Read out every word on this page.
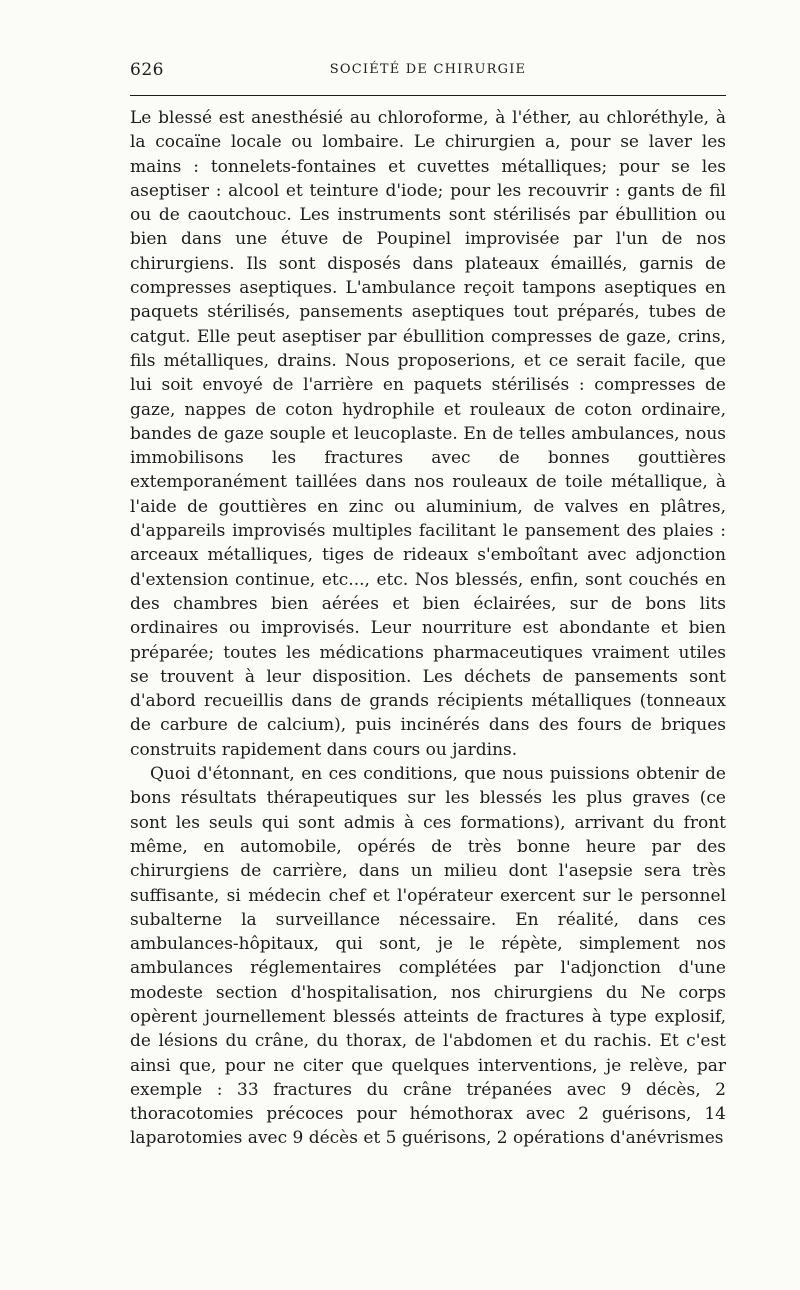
626	SOCIÉTÉ DE CHIRURGIE

Le blessé est anesthésié au chloroforme, à l'éther, au chloréthyle, à la cocaïne locale ou lombaire. Le chirurgien a, pour se laver les mains : tonnelets-fontaines et cuvettes métalliques; pour se les aseptiser : alcool et teinture d'iode; pour les recouvrir : gants de fil ou de caoutchouc. Les instruments sont stérilisés par ébullition ou bien dans une étuve de Poupinel improvisée par l'un de nos chirurgiens. Ils sont disposés dans plateaux émaillés, garnis de compresses aseptiques. L'ambulance reçoit tampons aseptiques en paquets stérilisés, pansements aseptiques tout préparés, tubes de catgut. Elle peut aseptiser par ébullition compresses de gaze, crins, fils métalliques, drains. Nous proposerions, et ce serait facile, que lui soit envoyé de l'arrière en paquets stérilisés : compresses de gaze, nappes de coton hydrophile et rouleaux de coton ordinaire, bandes de gaze souple et leucoplaste. En de telles ambulances, nous immobilisons les fractures avec de bonnes gouttières extemporanément taillées dans nos rouleaux de toile métallique, à l'aide de gouttières en zinc ou aluminium, de valves en plâtres, d'appareils improvisés multiples facilitant le pansement des plaies : arceaux métalliques, tiges de rideaux s'emboîtant avec adjonction d'extension continue, etc..., etc. Nos blessés, enfin, sont couchés en des chambres bien aérées et bien éclairées, sur de bons lits ordinaires ou improvisés. Leur nourriture est abondante et bien préparée; toutes les médications pharmaceutiques vraiment utiles se trouvent à leur disposition. Les déchets de pansements sont d'abord recueillis dans de grands récipients métalliques (tonneaux de carbure de calcium), puis incinérés dans des fours de briques construits rapidement dans cours ou jardins.

Quoi d'étonnant, en ces conditions, que nous puissions obtenir de bons résultats thérapeutiques sur les blessés les plus graves (ce sont les seuls qui sont admis à ces formations), arrivant du front même, en automobile, opérés de très bonne heure par des chirurgiens de carrière, dans un milieu dont l'asepsie sera très suffisante, si médecin chef et l'opérateur exercent sur le personnel subalterne la surveillance nécessaire. En réalité, dans ces ambulances-hôpitaux, qui sont, je le répète, simplement nos ambulances réglementaires complétées par l'adjonction d'une modeste section d'hospitalisation, nos chirurgiens du Ne corps opèrent journellement blessés atteints de fractures à type explosif, de lésions du crâne, du thorax, de l'abdomen et du rachis. Et c'est ainsi que, pour ne citer que quelques interventions, je relève, par exemple : 33 fractures du crâne trépanées avec 9 décès, 2 thoracotomies précoces pour hémothorax avec 2 guérisons, 14 laparotomies avec 9 décès et 5 guérisons, 2 opérations d'anévrismes
